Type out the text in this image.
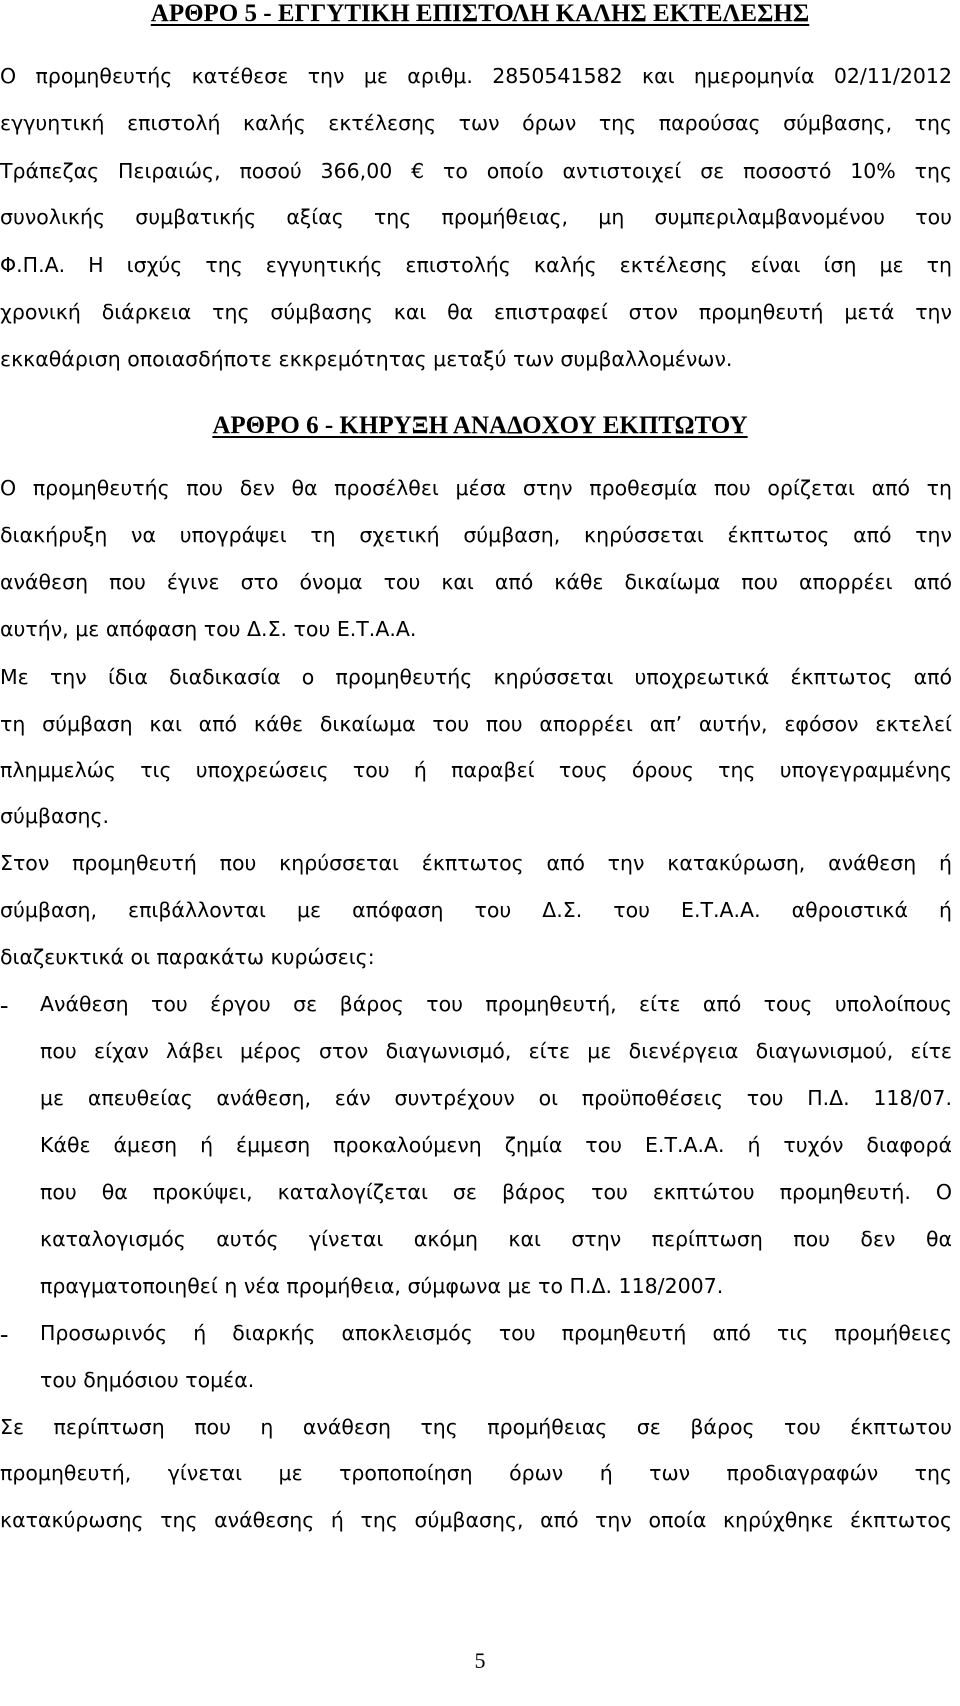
ΑΡΘΡΟ 5 - ΕΓΓΥΤΙΚΗ ΕΠΙΣΤΟΛΗ ΚΑΛΗΣ ΕΚΤΕΛΕΣΗΣ
Ο προμηθευτής κατέθεσε την με αριθμ. 2850541582 και ημερομηνία 02/11/2012
εγγυητική επιστολή καλής εκτέλεσης των όρων της παρούσας σύμβασης, της
Τράπεζας Πειραιώς, ποσού 366,00 € το οποίο αντιστοιχεί σε ποσοστό 10% της
συνολικής συμβατικής αξίας της προμήθειας, μη συμπεριλαμβανομένου του
Φ.Π.Α. Η ισχύς της εγγυητικής επιστολής καλής εκτέλεσης είναι ίση με τη
χρονική διάρκεια της σύμβασης και θα επιστραφεί στον προμηθευτή μετά την
εκκαθάριση οποιασδήποτε εκκρεμότητας μεταξύ των συμβαλλομένων.
ΑΡΘΡΟ 6 - ΚΗΡΥΞΗ ΑΝΑΔΟΧΟΥ ΕΚΠΤΩΤΟΥ
Ο προμηθευτής που δεν θα προσέλθει μέσα στην προθεσμία που ορίζεται από τη
διακήρυξη να υπογράψει τη σχετική σύμβαση, κηρύσσεται έκπτωτος από την
ανάθεση που έγινε στο όνομα του και από κάθε δικαίωμα που απορρέει από
αυτήν, με απόφαση του Δ.Σ. του Ε.Τ.Α.Α.
Με την ίδια διαδικασία ο προμηθευτής κηρύσσεται υποχρεωτικά έκπτωτος από
τη σύμβαση και από κάθε δικαίωμα του που απορρέει απ’ αυτήν, εφόσον εκτελεί
πλημμελώς τις υποχρεώσεις του ή παραβεί τους όρους της υπογεγραμμένης
σύμβασης.
Στον προμηθευτή που κηρύσσεται έκπτωτος από την κατακύρωση, ανάθεση ή
σύμβαση, επιβάλλονται με απόφαση του Δ.Σ. του Ε.Τ.Α.Α. αθροιστικά ή
διαζευκτικά οι παρακάτω κυρώσεις:
- Ανάθεση του έργου σε βάρος του προμηθευτή, είτε από τους υπολοίπους
που είχαν λάβει μέρος στον διαγωνισμό, είτε με διενέργεια διαγωνισμού, είτε
με απευθείας ανάθεση, εάν συντρέχουν οι προϋποθέσεις του Π.Δ. 118/07.
Κάθε άμεση ή έμμεση προκαλούμενη ζημία του Ε.Τ.Α.Α. ή τυχόν διαφορά
που θα προκύψει, καταλογίζεται σε βάρος του εκπτώτου προμηθευτή. Ο
καταλογισμός αυτός γίνεται ακόμη και στην περίπτωση που δεν θα
πραγματοποιηθεί η νέα προμήθεια, σύμφωνα με το Π.Δ. 118/2007.
- Προσωρινός ή διαρκής αποκλεισμός του προμηθευτή από τις προμήθειες
του δημόσιου τομέα.
Σε περίπτωση που η ανάθεση της προμήθειας σε βάρος του έκπτωτου
προμηθευτή, γίνεται με τροποποίηση όρων ή των προδιαγραφών της
κατακύρωσης της ανάθεσης ή της σύμβασης, από την οποία κηρύχθηκε έκπτωτος
5
